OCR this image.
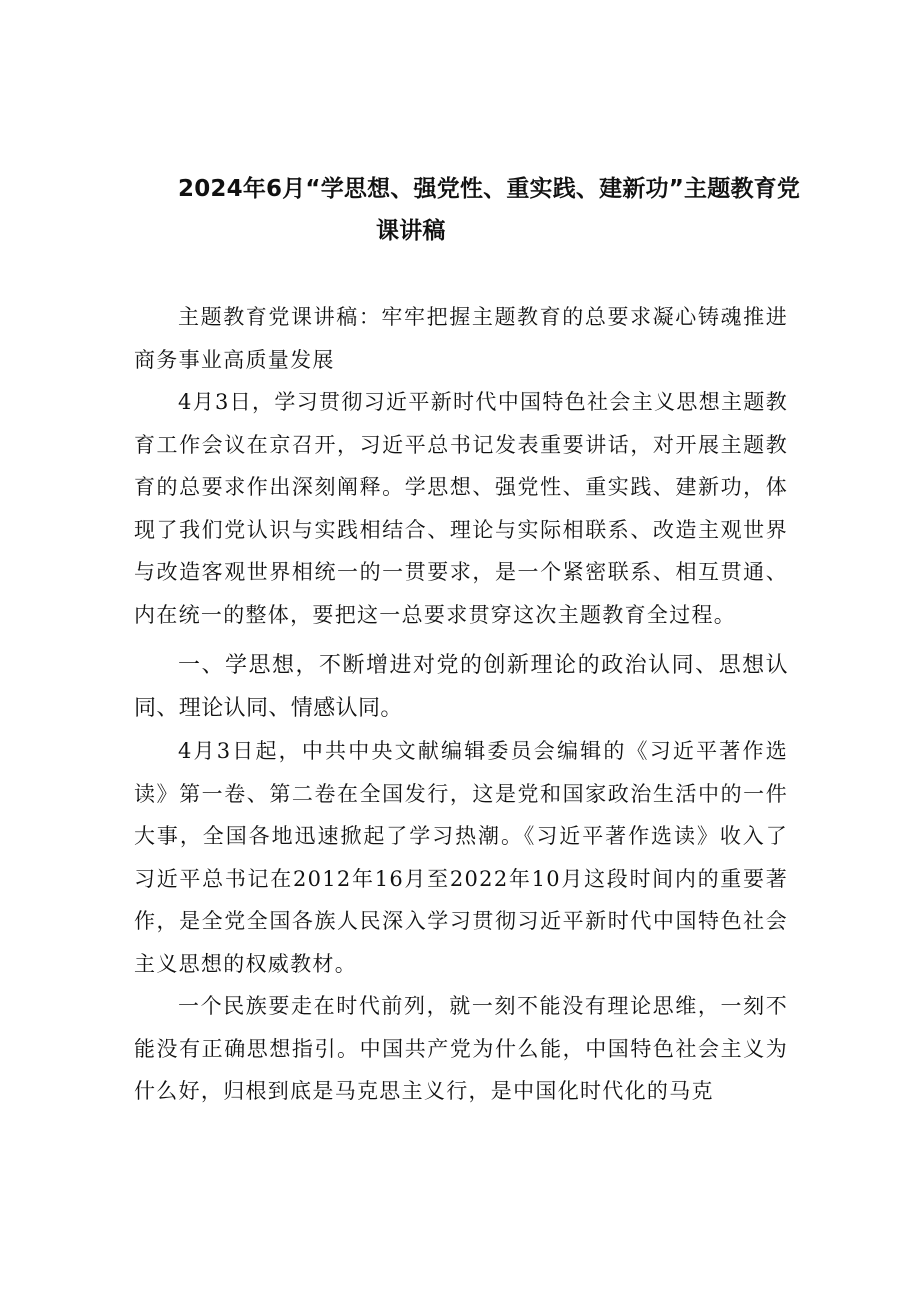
2024年6月“学思想、强党性、重实践、建新功”主题教育党
课讲稿

主题教育党课讲稿：牢牢把握主题教育的总要求凝心铸魂推进商务事业高质量发展

4月3日，学习贯彻习近平新时代中国特色社会主义思想主题教育工作会议在京召开，习近平总书记发表重要讲话，对开展主题教育的总要求作出深刻阐释。学思想、强党性、重实践、建新功，体现了我们党认识与实践相结合、理论与实际相联系、改造主观世界与改造客观世界相统一的一贯要求，是一个紧密联系、相互贯通、内在统一的整体，要把这一总要求贯穿这次主题教育全过程。

一、学思想，不断增进对党的创新理论的政治认同、思想认同、理论认同、情感认同。

4月3日起，中共中央文献编辑委员会编辑的《习近平著作选读》第一卷、第二卷在全国发行，这是党和国家政治生活中的一件大事，全国各地迅速掀起了学习热潮。《习近平著作选读》收入了习近平总书记在2012年16月至2022年10月这段时间内的重要著作，是全党全国各族人民深入学习贯彻习近平新时代中国特色社会主义思想的权威教材。

一个民族要走在时代前列，就一刻不能没有理论思维，一刻不能没有正确思想指引。中国共产党为什么能，中国特色社会主义为什么好，归根到底是马克思主义行，是中国化时代化的马克
